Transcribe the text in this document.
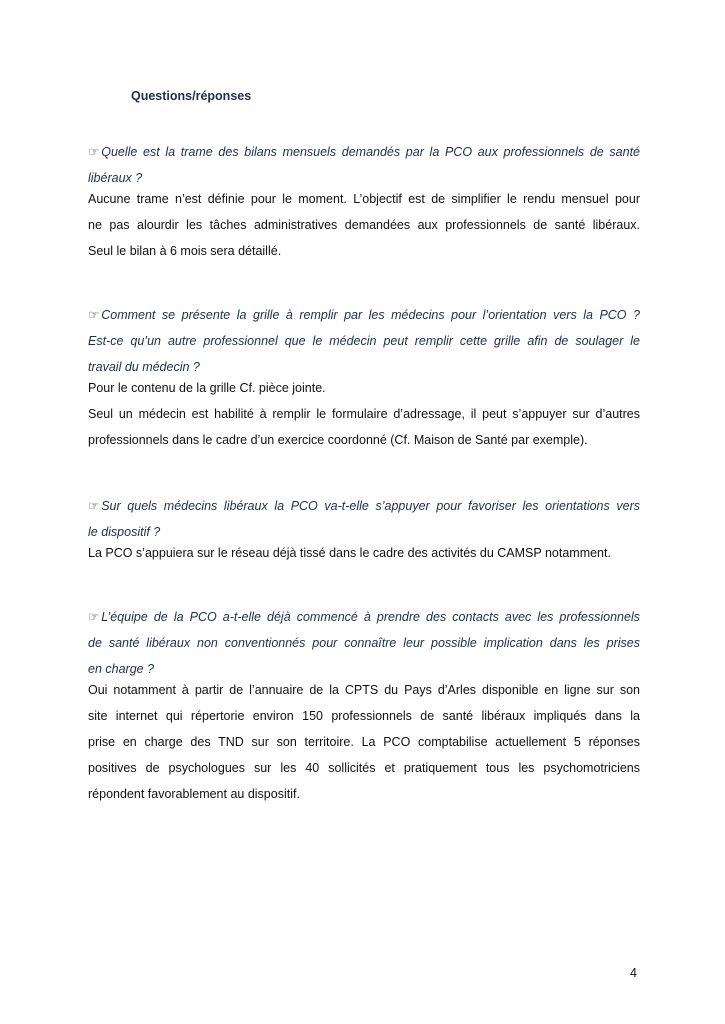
Questions/réponses

☞ Quelle est la trame des bilans mensuels demandés par la PCO aux professionnels de santé
libéraux ?

Aucune trame n’est définie pour le moment. L’objectif est de simplifier le rendu mensuel pour
ne pas alourdir les tâches administratives demandées aux professionnels de santé libéraux.
Seul le bilan à 6 mois sera détaillé.

☞ Comment se présente la grille à remplir par les médecins pour l’orientation vers la PCO ?
Est-ce qu’un autre professionnel que le médecin peut remplir cette grille afin de soulager le
travail du médecin ?

Pour le contenu de la grille Cf. pièce jointe.
Seul un médecin est habilité à remplir le formulaire d’adressage, il peut s’appuyer sur d’autres
professionnels dans le cadre d’un exercice coordonné (Cf. Maison de Santé par exemple).

☞ Sur quels médecins libéraux la PCO va-t-elle s’appuyer pour favoriser les orientations vers
le dispositif ?

La PCO s’appuiera sur le réseau déjà tissé dans le cadre des activités du CAMSP notamment.

☞ L’équipe de la PCO a-t-elle déjà commencé à prendre des contacts avec les professionnels
de santé libéraux non conventionnés pour connaître leur possible implication dans les prises
en charge ?

Oui notamment à partir de l’annuaire de la CPTS du Pays d’Arles disponible en ligne sur son
site internet qui répertorie environ 150 professionnels de santé libéraux impliqués dans la
prise en charge des TND sur son territoire. La PCO comptabilise actuellement 5 réponses
positives de psychologues sur les 40 sollicités et pratiquement tous les psychomotriciens
répondent favorablement au dispositif.

4
